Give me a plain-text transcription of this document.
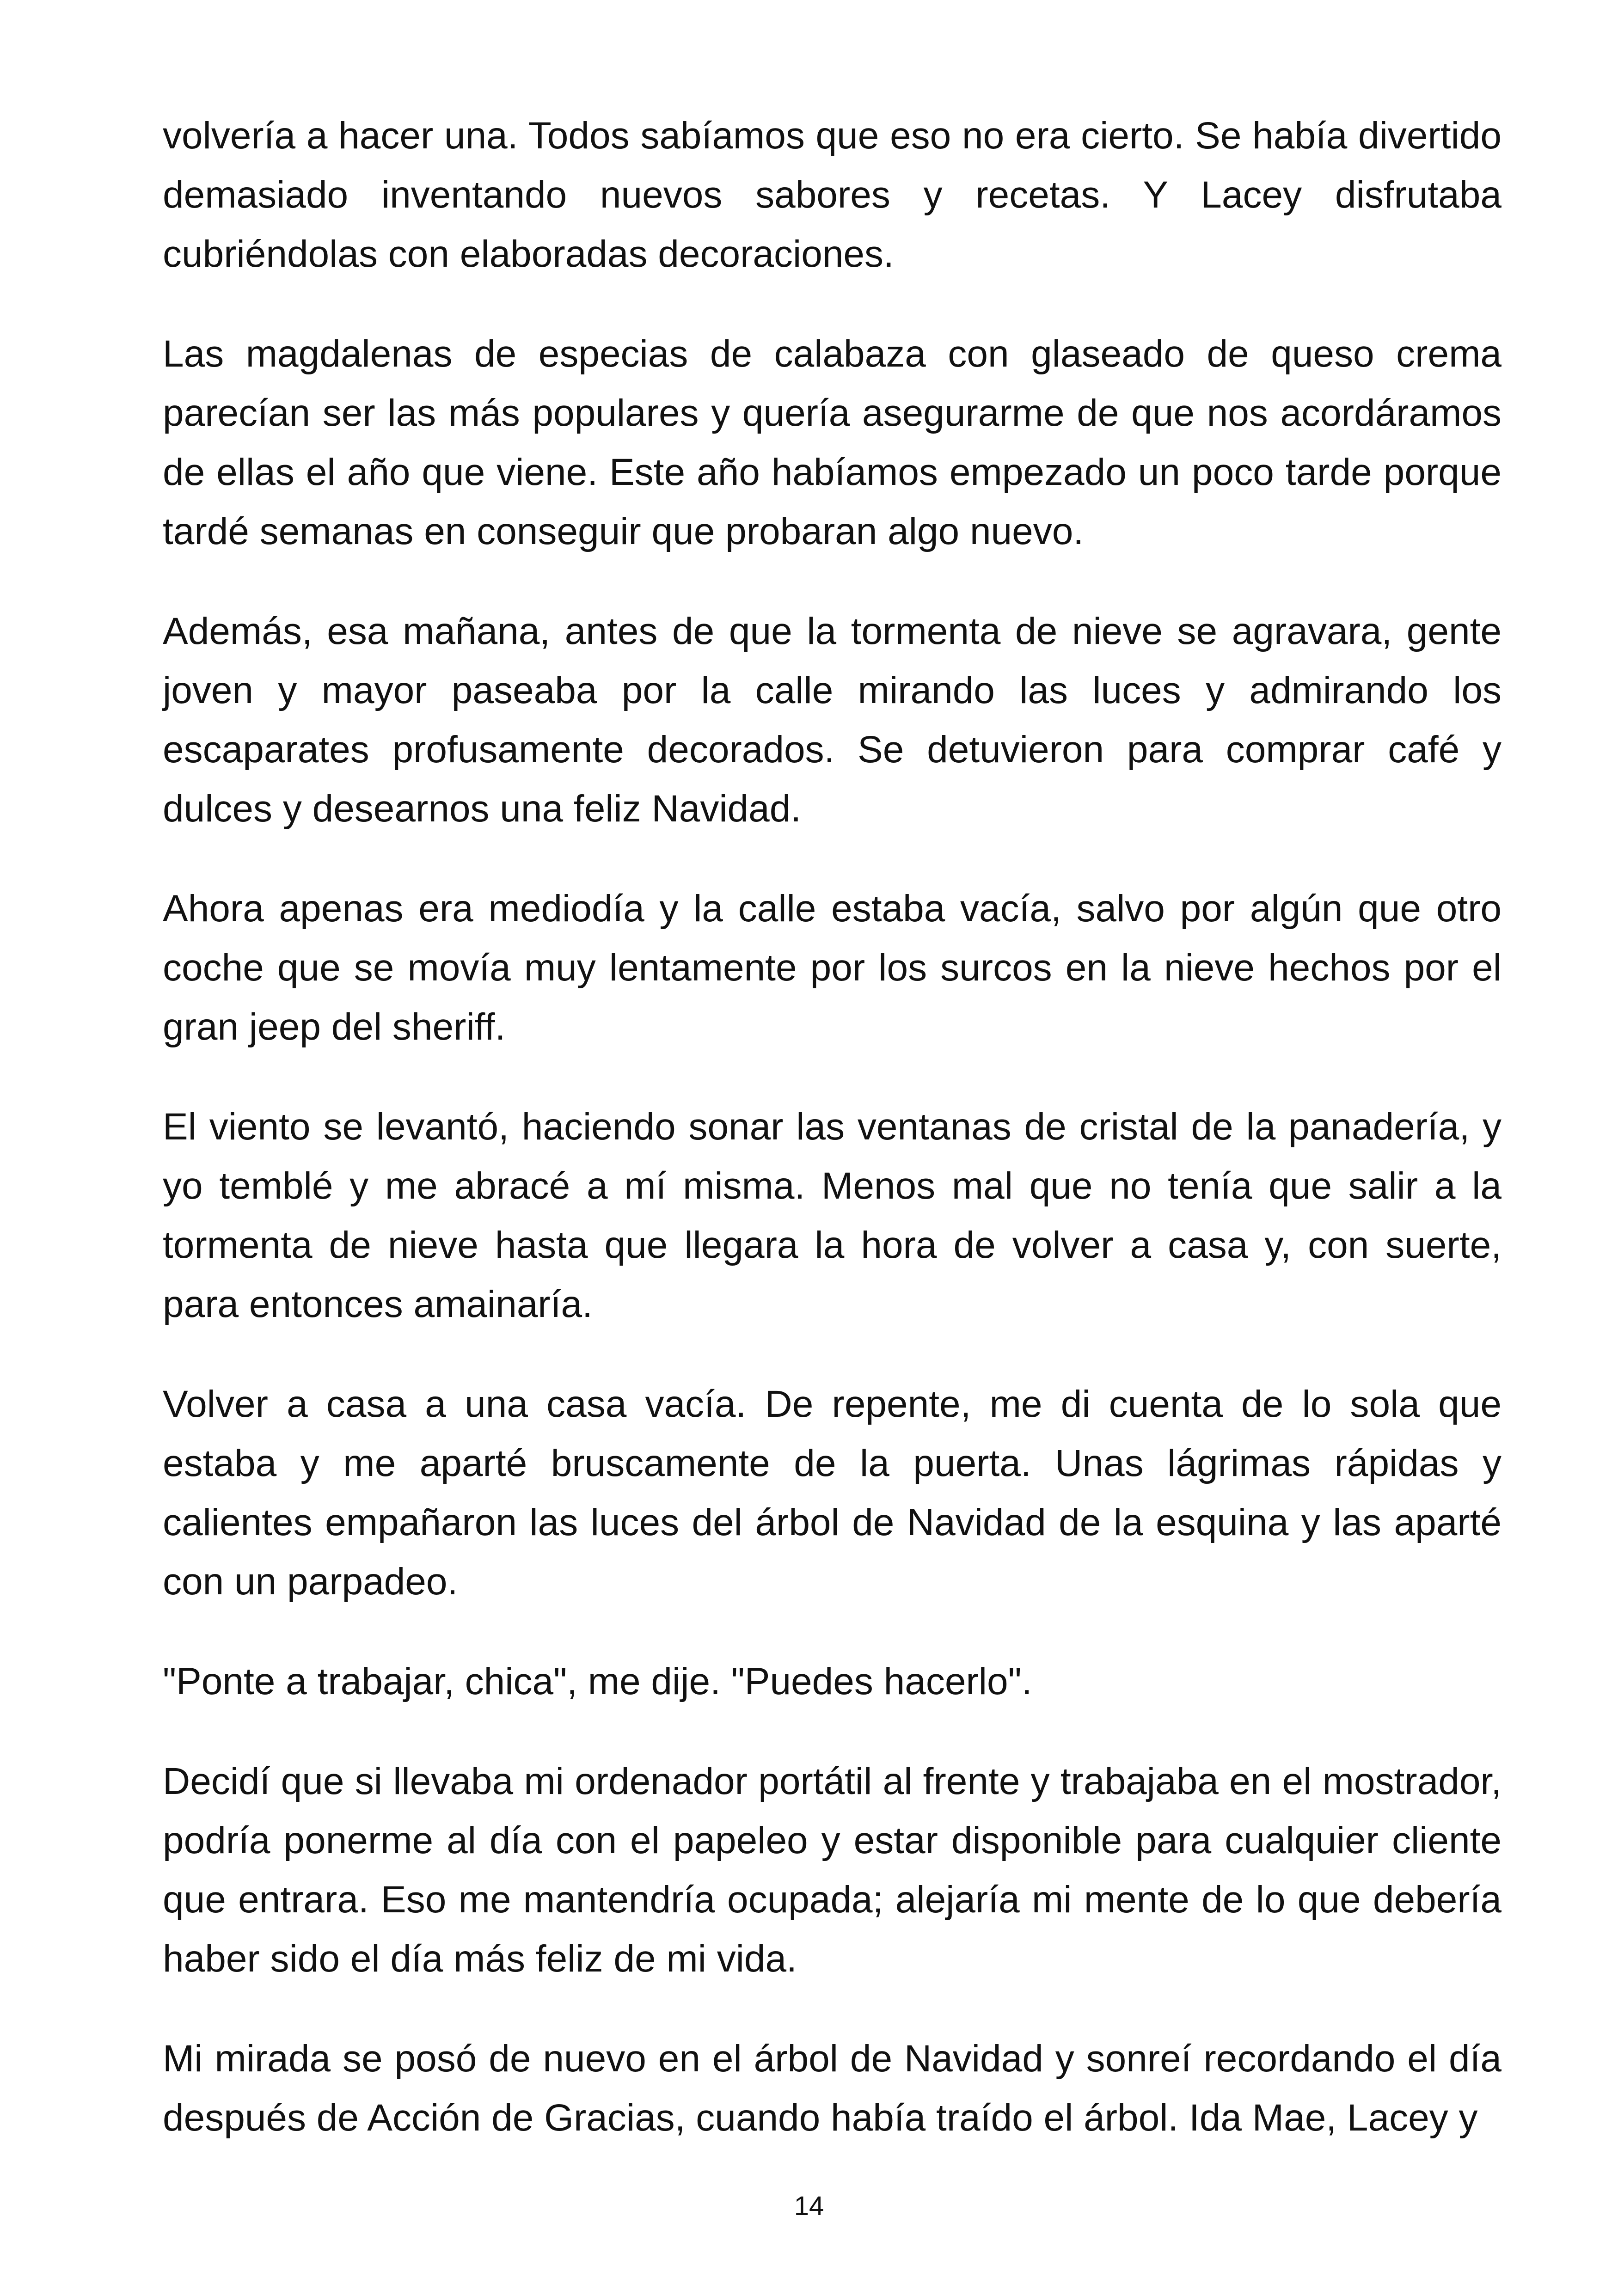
volvería a hacer una. Todos sabíamos que eso no era cierto. Se había divertido demasiado inventando nuevos sabores y recetas. Y Lacey disfrutaba cubriéndolas con elaboradas decoraciones.

Las magdalenas de especias de calabaza con glaseado de queso crema parecían ser las más populares y quería asegurarme de que nos acordáramos de ellas el año que viene. Este año habíamos empezado un poco tarde porque tardé semanas en conseguir que probaran algo nuevo.

Además, esa mañana, antes de que la tormenta de nieve se agravara, gente joven y mayor paseaba por la calle mirando las luces y admirando los escaparates profusamente decorados. Se detuvieron para comprar café y dulces y desearnos una feliz Navidad.

Ahora apenas era mediodía y la calle estaba vacía, salvo por algún que otro coche que se movía muy lentamente por los surcos en la nieve hechos por el gran jeep del sheriff.

El viento se levantó, haciendo sonar las ventanas de cristal de la panadería, y yo temblé y me abracé a mí misma. Menos mal que no tenía que salir a la tormenta de nieve hasta que llegara la hora de volver a casa y, con suerte, para entonces amainaría.

Volver a casa a una casa vacía. De repente, me di cuenta de lo sola que estaba y me aparté bruscamente de la puerta. Unas lágrimas rápidas y calientes empañaron las luces del árbol de Navidad de la esquina y las aparté con un parpadeo.

"Ponte a trabajar, chica", me dije. "Puedes hacerlo".

Decidí que si llevaba mi ordenador portátil al frente y trabajaba en el mostrador, podría ponerme al día con el papeleo y estar disponible para cualquier cliente que entrara. Eso me mantendría ocupada; alejaría mi mente de lo que debería haber sido el día más feliz de mi vida.

Mi mirada se posó de nuevo en el árbol de Navidad y sonreí recordando el día después de Acción de Gracias, cuando había traído el árbol. Ida Mae, Lacey y

14
